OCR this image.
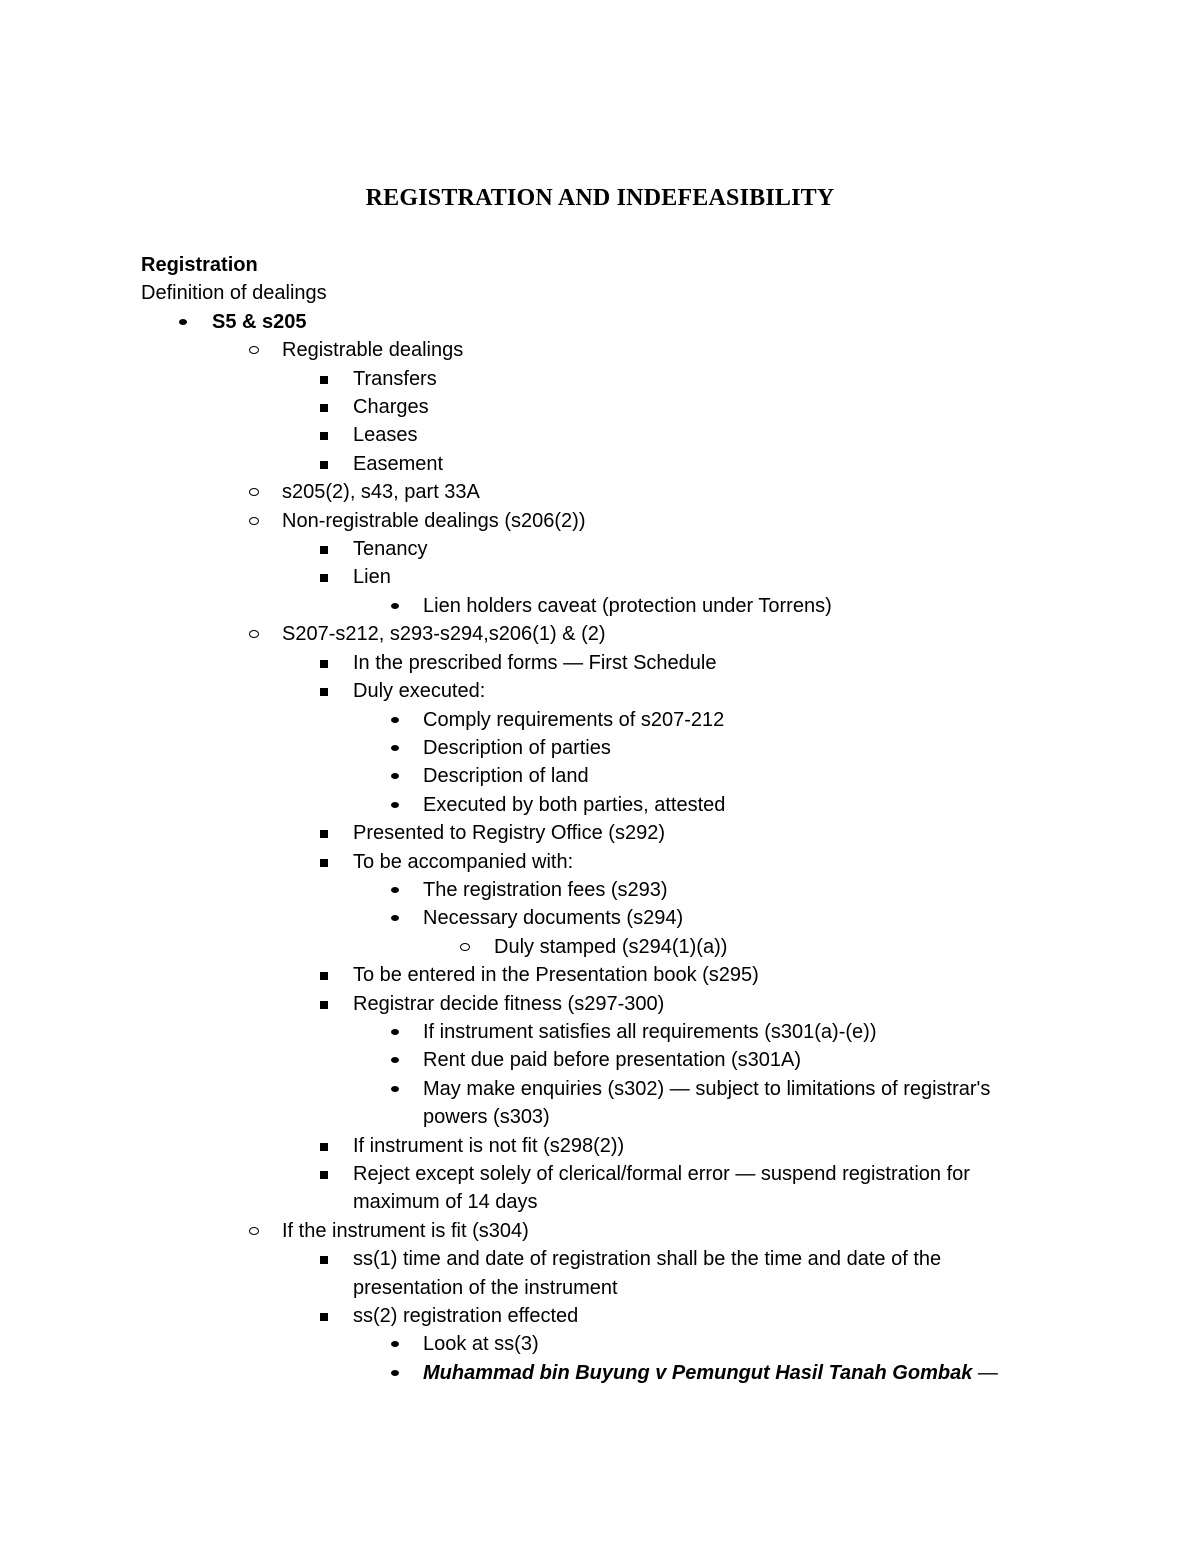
REGISTRATION AND INDEFEASIBILITY
Registration
Definition of dealings
S5 & s205
Registrable dealings
Transfers
Charges
Leases
Easement
s205(2), s43, part 33A
Non-registrable dealings (s206(2))
Tenancy
Lien
Lien holders caveat (protection under Torrens)
S207-s212, s293-s294,s206(1) & (2)
In the prescribed forms — First Schedule
Duly executed:
Comply requirements of s207-212
Description of parties
Description of land
Executed by both parties, attested
Presented to Registry Office (s292)
To be accompanied with:
The registration fees (s293)
Necessary documents (s294)
Duly stamped (s294(1)(a))
To be entered in the Presentation book (s295)
Registrar decide fitness (s297-300)
If instrument satisfies all requirements (s301(a)-(e))
Rent due paid before presentation (s301A)
May make enquiries (s302) — subject to limitations of registrar's powers (s303)
If instrument is not fit (s298(2))
Reject except solely of clerical/formal error — suspend registration for maximum of 14 days
If the instrument is fit (s304)
ss(1) time and date of registration shall be the time and date of the presentation of the instrument
ss(2) registration effected
Look at ss(3)
Muhammad bin Buyung v Pemungut Hasil Tanah Gombak —
